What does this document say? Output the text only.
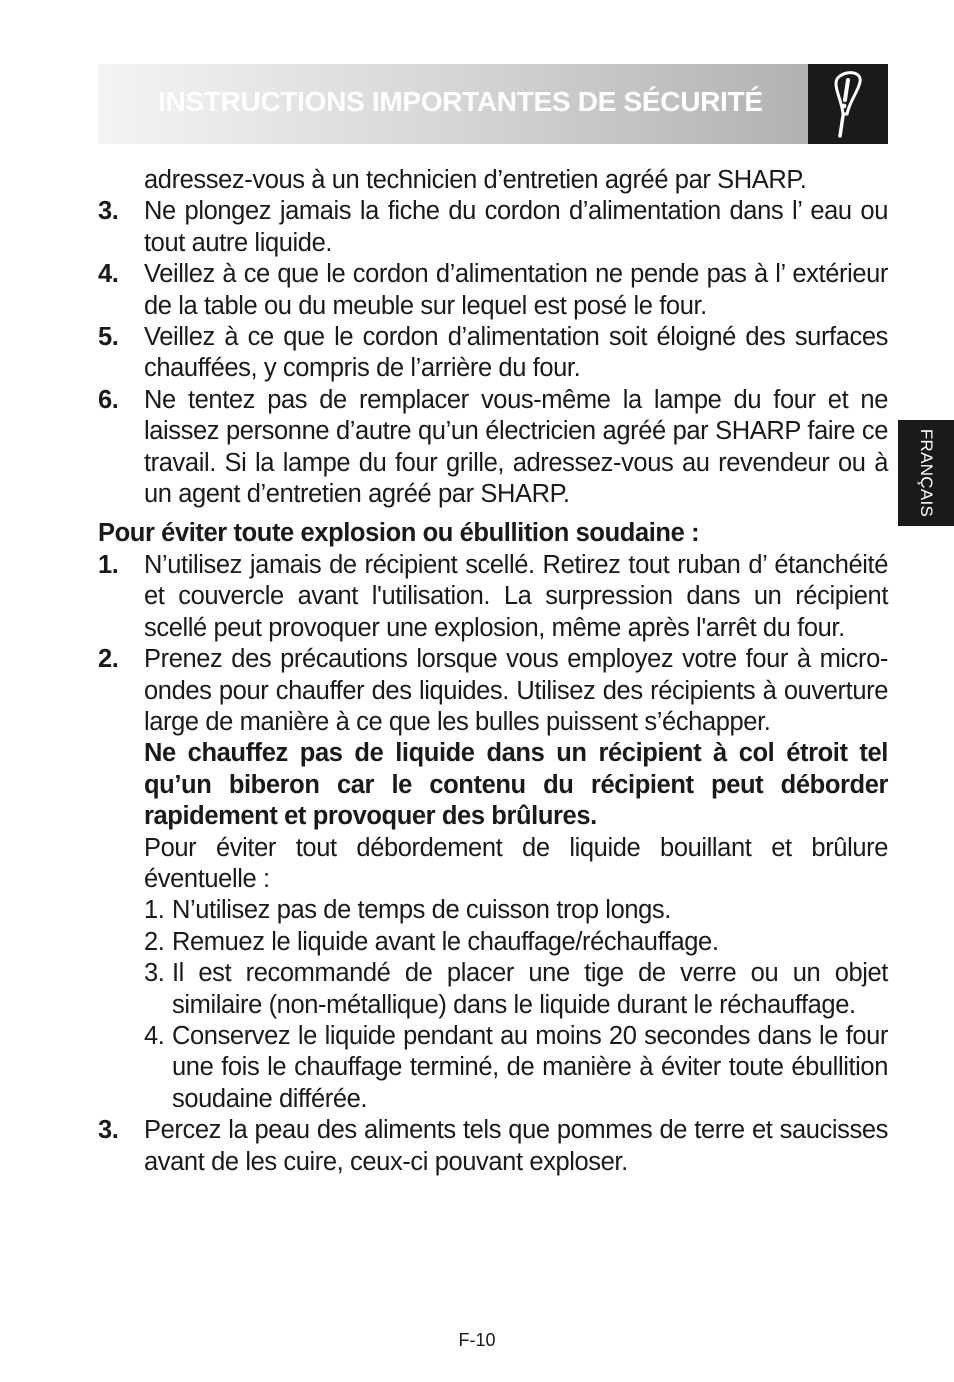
INSTRUCTIONS IMPORTANTES DE SÉCURITÉ
FRANÇAIS

adressez-vous à un technicien d’entretien agréé par SHARP.

3.	Ne plongez jamais la fiche du cordon d’alimentation dans l’ eau ou tout autre liquide.

4.	Veillez à ce que le cordon d’alimentation ne pende pas à l’ extérieur de la table ou du meuble sur lequel est posé le four.

5.	Veillez à ce que le cordon d’alimentation soit éloigné des surfaces chauffées, y compris de l’arrière du four.

6.	Ne tentez pas de remplacer vous-même la lampe du four et ne laissez personne d’autre qu’un électricien agréé par SHARP faire ce travail. Si la lampe du four grille, adressez-vous au revendeur ou à un agent d’entretien agréé par SHARP.

Pour éviter toute explosion ou ébullition soudaine :

1.	N’utilisez jamais de récipient scellé. Retirez tout ruban d’ étanchéité et couvercle avant l'utilisation. La surpression dans un récipient scellé peut provoquer une explosion, même après l'arrêt du four.

2.	Prenez des précautions lorsque vous employez votre four à micro-ondes pour chauffer des liquides. Utilisez des récipients à ouverture large de manière à ce que les bulles puissent s’échapper.

Ne chauffez pas de liquide dans un récipient à col étroit tel qu’un biberon car le contenu du récipient peut déborder rapidement et provoquer des brûlures.

Pour éviter tout débordement de liquide bouillant et brûlure éventuelle :

1. N’utilisez pas de temps de cuisson trop longs.

2. Remuez le liquide avant le chauffage/réchauffage.

3. Il est recommandé de placer une tige de verre ou un objet similaire (non-métallique) dans le liquide durant le réchauffage.

4. Conservez le liquide pendant au moins 20 secondes dans le four une fois le chauffage terminé, de manière à éviter toute ébullition soudaine différée.

3.	Percez la peau des aliments tels que pommes de terre et saucisses avant de les cuire, ceux-ci pouvant exploser.

F-10
